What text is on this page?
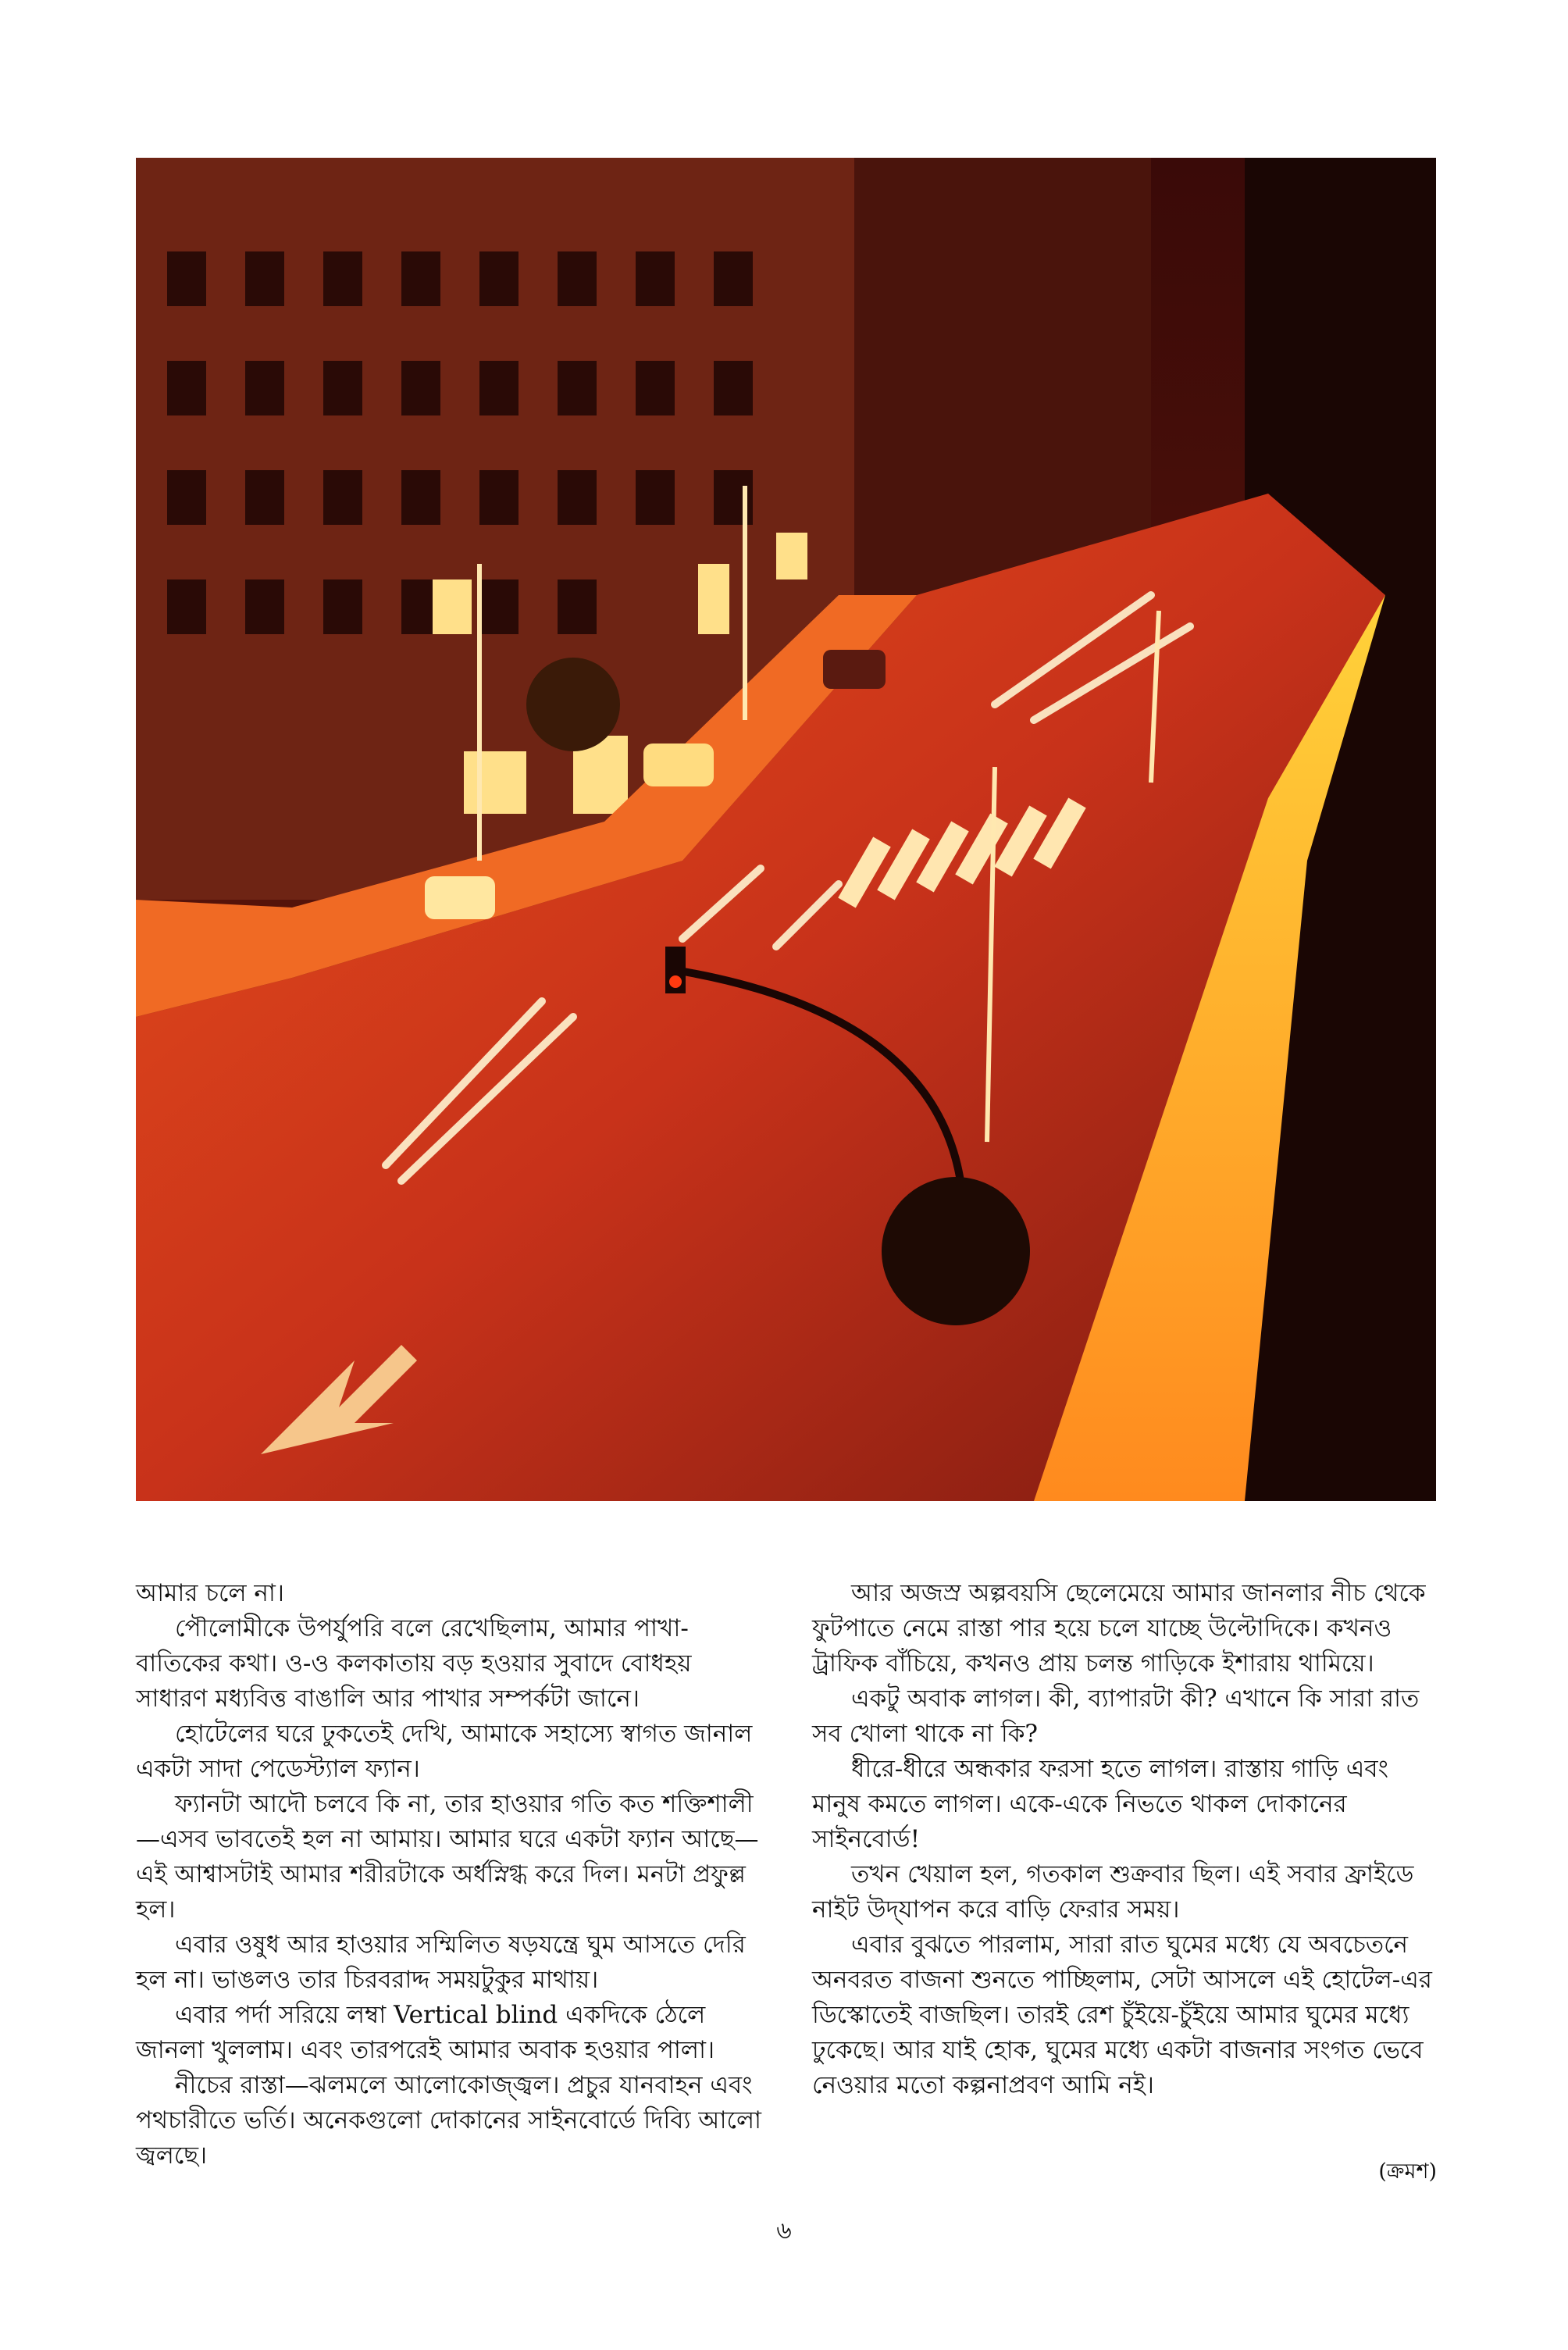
আমার চলে না।

পৌলোমীকে উপর্যুপরি বলে রেখেছিলাম, আমার পাখা-বাতিকের কথা। ও-ও কলকাতায় বড় হওয়ার সুবাদে বোধহয় সাধারণ মধ্যবিত্ত বাঙালি আর পাখার সম্পর্কটা জানে।

হোটেলের ঘরে ঢুকতেই দেখি, আমাকে সহাস্যে স্বাগত জানাল একটা সাদা পেডেস্ট্যাল ফ্যান।

ফ্যানটা আদৌ চলবে কি না, তার হাওয়ার গতি কত শক্তিশালী—এসব ভাবতেই হল না আমায়। আমার ঘরে একটা ফ্যান আছে—এই আশ্বাসটাই আমার শরীরটাকে অর্ধস্নিগ্ধ করে দিল। মনটা প্রফুল্ল হল।

এবার ওষুধ আর হাওয়ার সম্মিলিত ষড়যন্ত্রে ঘুম আসতে দেরি হল না। ভাঙলও তার চিরবরাদ্দ সময়টুকুর মাথায়।

এবার পর্দা সরিয়ে লম্বা Vertical blind একদিকে ঠেলে জানলা খুললাম। এবং তারপরেই আমার অবাক হওয়ার পালা।

নীচের রাস্তা—ঝলমলে আলোকোজ্জ্বল। প্রচুর যানবাহন এবং পথচারীতে ভর্তি। অনেকগুলো দোকানের সাইনবোর্ডে দিব্যি আলো জ্বলছে।

আর অজস্র অল্পবয়সি ছেলেমেয়ে আমার জানলার নীচ থেকে ফুটপাতে নেমে রাস্তা পার হয়ে চলে যাচ্ছে উল্টোদিকে। কখনও ট্রাফিক বাঁচিয়ে, কখনও প্রায় চলন্ত গাড়িকে ইশারায় থামিয়ে।

একটু অবাক লাগল। কী, ব্যাপারটা কী? এখানে কি সারা রাত সব খোলা থাকে না কি?

ধীরে-ধীরে অন্ধকার ফরসা হতে লাগল। রাস্তায় গাড়ি এবং মানুষ কমতে লাগল। একে-একে নিভতে থাকল দোকানের সাইনবোর্ড!

তখন খেয়াল হল, গতকাল শুক্রবার ছিল। এই সবার ফ্রাইডে নাইট উদ্‌যাপন করে বাড়ি ফেরার সময়।

এবার বুঝতে পারলাম, সারা রাত ঘুমের মধ্যে যে অবচেতনে অনবরত বাজনা শুনতে পাচ্ছিলাম, সেটা আসলে এই হোটেল-এর ডিস্কোতেই বাজছিল। তারই রেশ চুঁইয়ে-চুঁইয়ে আমার ঘুমের মধ্যে ঢুকেছে। আর যাই হোক, ঘুমের মধ্যে একটা বাজনার সংগত ভেবে নেওয়ার মতো কল্পনাপ্রবণ আমি নই।

(ক্রমশ)
৬
